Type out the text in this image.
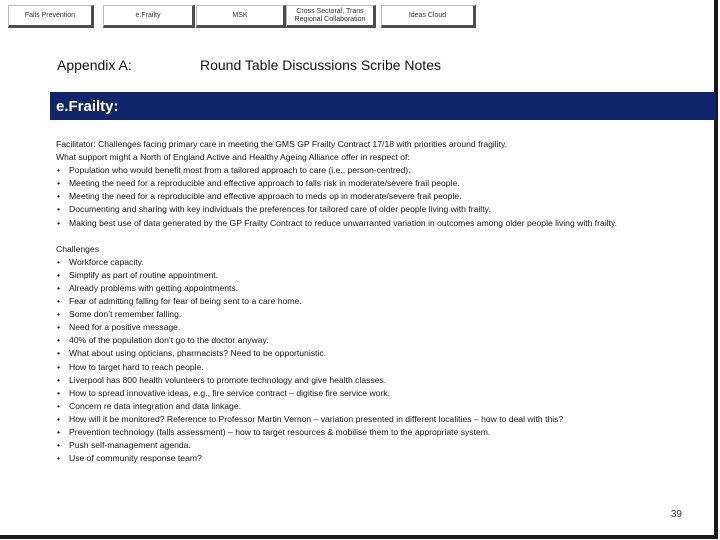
Falls Prevention	e.Frailty	MSK
Cross Sectoral, Trans
Regional Collaboration
Ideas Cloud
Appendix A:	Round Table Discussions Scribe Notes
e.Frailty:

Facilitator: Challenges facing primary care in meeting the GMS GP Frailty Contract 17/18 with priorities around fragility.

What support might a North of England Active and Healthy Ageing Alliance offer in respect of:

• Population who would benefit most from a tailored approach to care (i.e., person-centred).
• Meeting the need for a reproducible and effective approach to falls risk in moderate/severe frail people.
• Meeting the need for a reproducible and effective approach to meds op in moderate/severe frail people.
• Documenting and sharing with key individuals the preferences for tailored care of older people living with frailty.
• Making best use of data generated by the GP Frailty Contract to reduce unwarranted variation in outcomes among older people living with frailty.

Challenges

• Workforce capacity.
• Simplify as part of routine appointment.
• Already problems with getting appointments.
• Fear of admitting falling for fear of being sent to a care home.
• Some don’t remember falling.
• Need for a positive message.
• 40% of the population don’t go to the doctor anyway.
• What about using opticians, pharmacists? Need to be opportunistic.
• How to target hard to reach people.
• Liverpool has 800 health volunteers to promote technology and give health classes.
• How to spread innovative ideas, e.g., fire service contract – digitise fire service work.
• Concern re data integration and data linkage.
• How will it be monitored? Reference to Professor Martin Vernon – variation presented in different localities – how to deal with this?
• Prevention technology (falls assessment) – how to target resources & mobilise them to the appropriate system.
• Push self-management agenda.
• Use of community response team?
39
